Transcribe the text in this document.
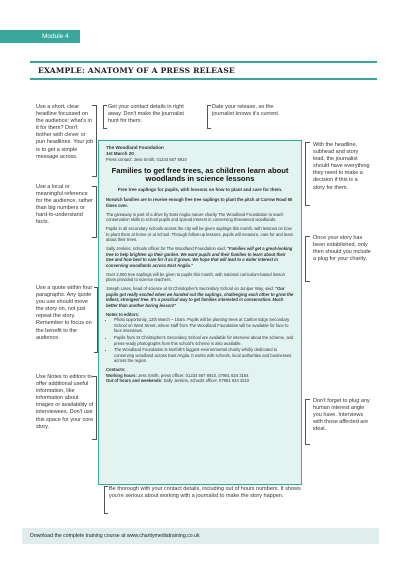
Module 4
EXAMPLE: ANATOMY OF A PRESS RELEASE
Use a short, clear headline focussed on the audience: what's in it for them? Don't bother with clever or pun headlines. Your job is to get a simple message across.
Get your contact details in right away. Don't make the journalist hunt for them.
Date your release, so the journalist knows it's current.
With the headline, subhead and story lead, the journalist should have everything they need to make a decision if this is a story for them.
Use a local or meaningful reference for the audience, rather than big numbers or hard-to-understand facts.
Once your story has been established, only then should you include a plug for your charity.
Use a quote within four paragraphs. Any quote you use should move the story on, not just repeat the story. Remember to focus on the benefit to the audience.
Use Notes to editors to offer additional useful information, like information about images or availability of interviewees. Don't use this space for your core story.
Don't forget to plug any human interest angle you have. Interviews with those affected are ideal.
Be thorough with your contact details, including out of hours numbers. It shows you're serious about working with a journalist to make the story happen.
The Woodland Foundation
1st March 20
Press contact: Jess Smith, 01234 567 8910
Families to get free trees, as children learn about woodlands in science lessons
Free tree saplings for pupils, with lessons on how to plant and care for them.

Norwich families are to receive enough free tree saplings to plant the pitch at Carrow Road 60 times over.

The giveaway is part of a drive by East Anglia nature charity The Woodland Foundation to teach conservation skills to school pupils and spread interest in conserving threatened woodlands.

Pupils in all secondary schools across the city will be given saplings this month, with lessons on how to plant them at home or at school. Through follow-up lessons, pupils will measure, care for and learn about their trees.

Sally Jenkins, schools officer for The Woodland Foundation said: "Families will get a great-looking tree to help brighten up their garden. We want pupils and their families to learn about their tree and how best to care for it as it grows. We hope that will lead to a wider interest in conserving woodlands across East Anglia."

Over 2,000 tree saplings will be given to pupils this month, with national curriculum-based lesson plans provided to science teachers.

Joseph Lines, head of science at St Christopher's Secondary School on Juniper Way, said: "Our pupils got really excited when we handed out the saplings, challenging each other to grow the tallest, strongest tree. It's a practical way to get families interested in conservation. Much better than another boring lesson!"

Notes to editors:
• Photo opportunity, 12th March – 10am. Pupils will be planting trees at Carlton Edge Secondary School on West Street, where staff from The Woodland Foundation will be available for face to face interviews.
• Pupils from St Christopher's Secondary School are available for interview about the scheme, and press-ready photographs from this school's scheme is also available.
• The Woodland Foundation is Norfolk's biggest environmental charity wholly dedicated to conserving woodland across East Anglia. It works with schools, local authorities and businesses across the region.
Contacts:
Working hours: Jess Smith, press officer, 01234 567 8910, 07981 634 3154
Out of hours and weekends: Sally Jenkins, schools officer, 07981 634 3210
Download the complete training course at www.charitymediatraining.co.uk
